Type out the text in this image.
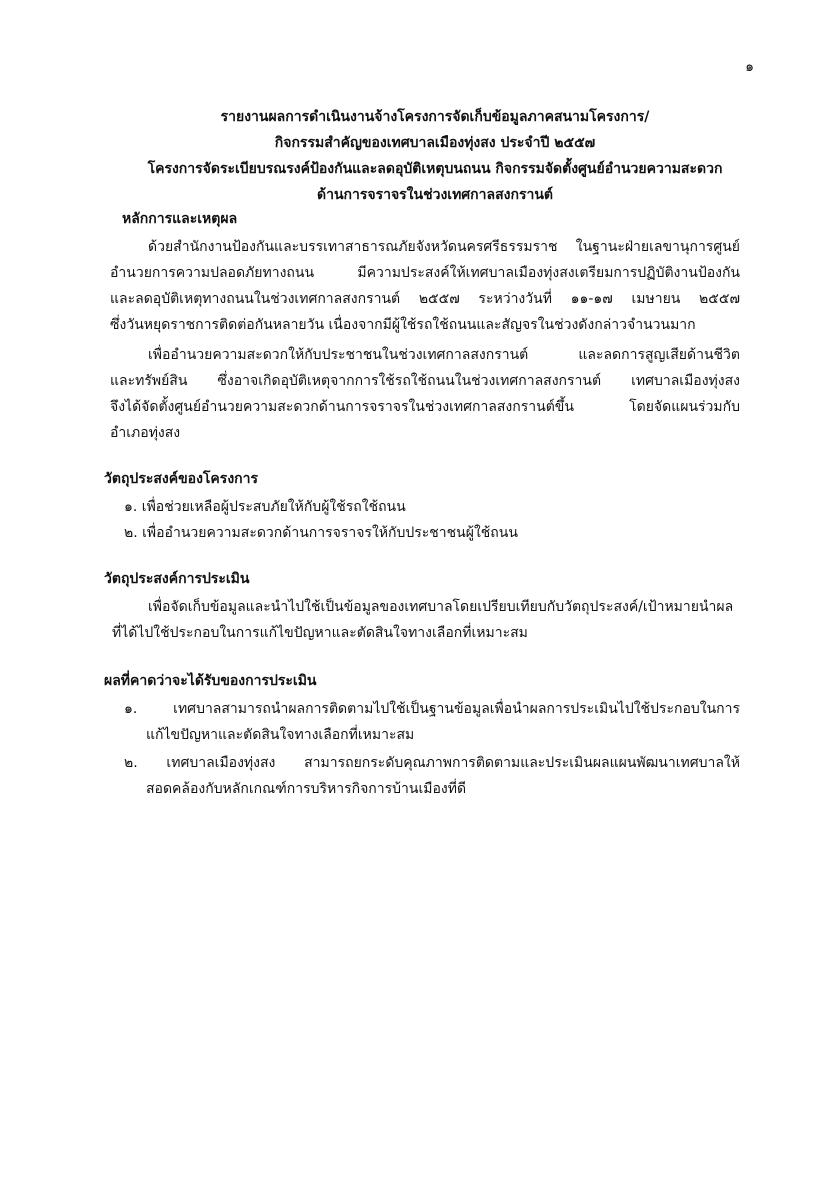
๑
รายงานผลการดำเนินงานจ้างโครงการจัดเก็บข้อมูลภาคสนามโครงการ/
กิจกรรมสำคัญของเทศบาลเมืองทุ่งสง ประจำปี ๒๕๕๗
โครงการจัดระเบียบรณรงค์ป้องกันและลดอุบัติเหตุบนถนน กิจกรรมจัดตั้งศูนย์อำนวยความสะดวก
ด้านการจราจรในช่วงเทศกาลสงกรานต์
หลักการและเหตุผล
ด้วยสำนักงานป้องกันและบรรเทาสาธารณภัยจังหวัดนครศรีธรรมราช ในฐานะฝ่ายเลขานุการศูนย์
อำนวยการความปลอดภัยทางถนน มีความประสงค์ให้เทศบาลเมืองทุ่งสงเตรียมการปฏิบัติงานป้องกัน
และลดอุบัติเหตุทางถนนในช่วงเทศกาลสงกรานต์ ๒๕๕๗ ระหว่างวันที่ ๑๑-๑๗ เมษายน ๒๕๕๗
ซึ่งวันหยุดราชการติดต่อกันหลายวัน เนื่องจากมีผู้ใช้รถใช้ถนนและสัญจรในช่วงดังกล่าวจำนวนมาก
เพื่ออำนวยความสะดวกให้กับประชาชนในช่วงเทศกาลสงกรานต์ และลดการสูญเสียด้านชีวิต
และทรัพย์สิน ซึ่งอาจเกิดอุบัติเหตุจากการใช้รถใช้ถนนในช่วงเทศกาลสงกรานต์ เทศบาลเมืองทุ่งสง
จึงได้จัดตั้งศูนย์อำนวยความสะดวกด้านการจราจรในช่วงเทศกาลสงกรานต์ขึ้น โดยจัดแผนร่วมกับ
อำเภอทุ่งสง
วัตถุประสงค์ของโครงการ
๑. เพื่อช่วยเหลือผู้ประสบภัยให้กับผู้ใช้รถใช้ถนน
๒. เพื่ออำนวยความสะดวกด้านการจราจรให้กับประชาชนผู้ใช้ถนน
วัตถุประสงค์การประเมิน
เพื่อจัดเก็บข้อมูลและนำไปใช้เป็นข้อมูลของเทศบาลโดยเปรียบเทียบกับวัตถุประสงค์/เป้าหมายนำผล
ที่ได้ไปใช้ประกอบในการแก้ไขปัญหาและตัดสินใจทางเลือกที่เหมาะสม
ผลที่คาดว่าจะได้รับของการประเมิน
๑. เทศบาลสามารถนำผลการติดตามไปใช้เป็นฐานข้อมูลเพื่อนำผลการประเมินไปใช้ประกอบในการ
แก้ไขปัญหาและตัดสินใจทางเลือกที่เหมาะสม
๒. เทศบาลเมืองทุ่งสง สามารถยกระดับคุณภาพการติดตามและประเมินผลแผนพัฒนาเทศบาลให้
สอดคล้องกับหลักเกณฑ์การบริหารกิจการบ้านเมืองที่ดี
